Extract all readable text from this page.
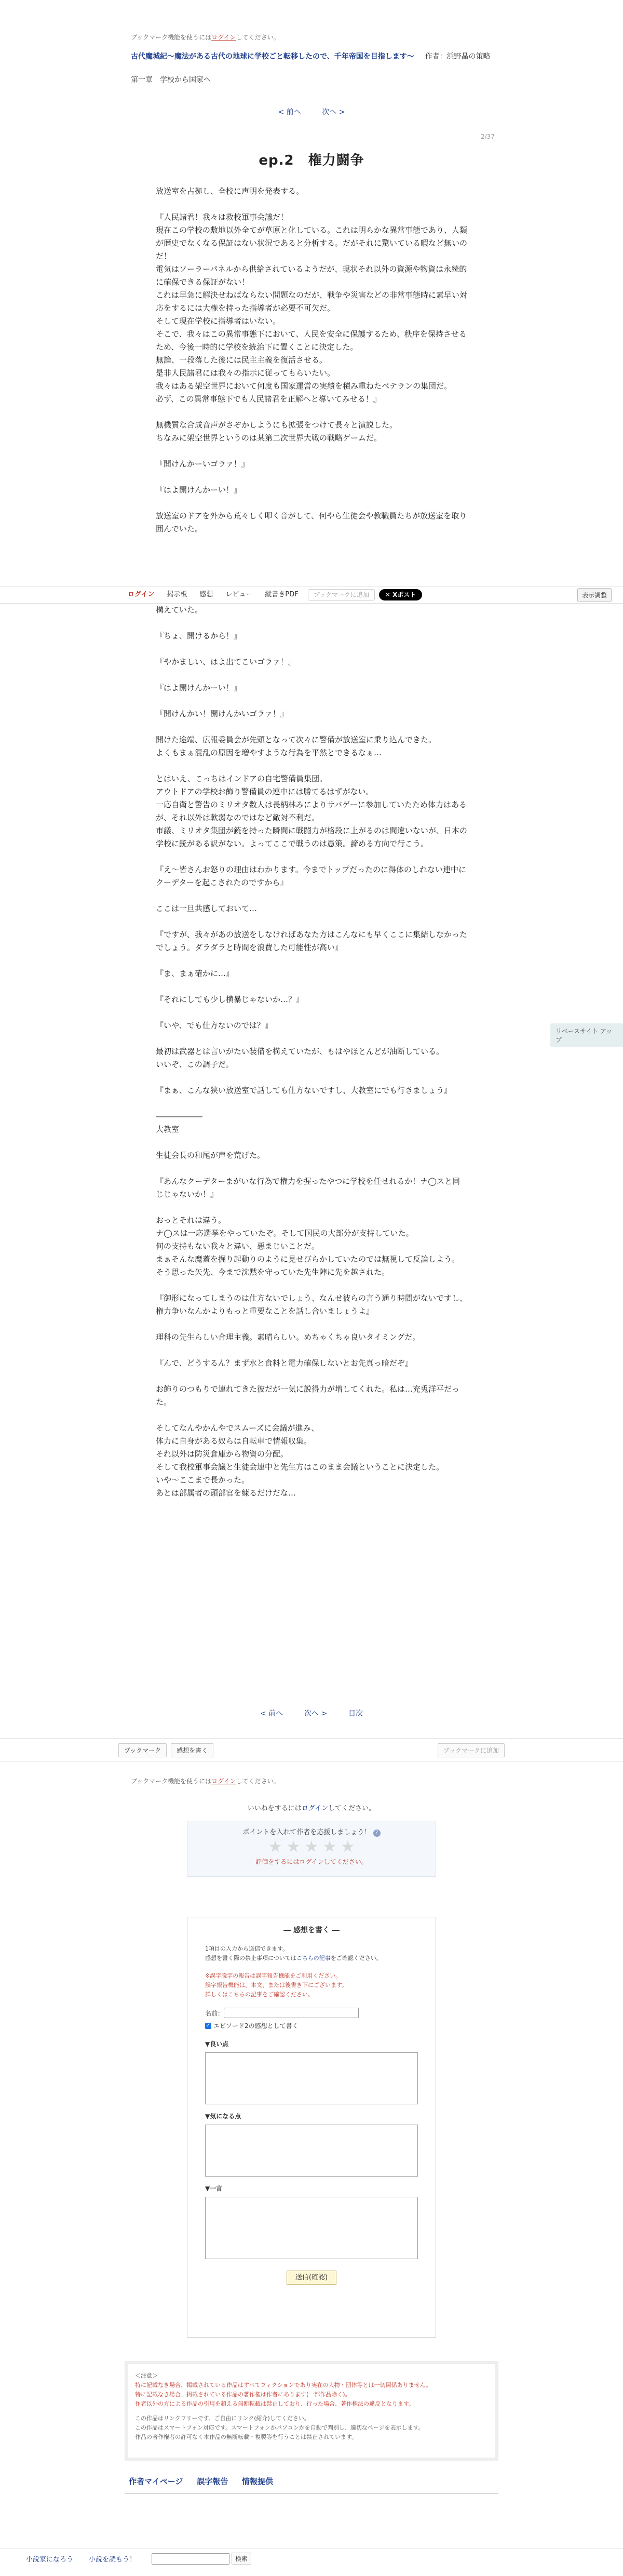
ブックマーク機能を使うにはログインしてください。
古代魔城紀～魔法がある古代の地球に学校ごと転移したので、千年帝国を目指します～ 作者：浜野晶の策略
第一章　学校から国家へ
< 前へ	次へ >
2/37
ep.2　権力闘争
放送室を占拠し、全校に声明を発表する。

『人民諸君！我々は救校軍事会議だ！
現在この学校の敷地以外全てが草原と化している。これは明らかな異常事態であり、人類が歴史でなくなる保証はない状況であると分析する。だがそれに驚いている暇など無いのだ！
電気はソーラーパネルから供給されているようだが、現状それ以外の資源や物資は永続的に確保できる保証がない！
これは早急に解決せねばならない問題なのだが、戦争や災害などの非常事態時に素早い対応をするには大権を持った指導者が必要不可欠だ。
そして現在学校に指導者はいない。
そこで、我々はこの異常事態下において、人民を安全に保護するため、秩序を保持させるため、今後一時的に学校を統治下に置くことに決定した。
無論、一段落した後には民主主義を復活させる。
是非人民諸君には我々の指示に従ってもらいたい。
我々はある架空世界において何度も国家運営の実績を積み重ねたベテランの集団だ。
必ず、この異常事態下でも人民諸君を正解へと導いてみせる！』

無機質な合成音声がさぞかしようにも拡張をつけて長々と演説した。
ちなみに架空世界というのは某第二次世界大戦の戦略ゲームだ。

『開けんかーいゴラァ！』

『はよ開けんかーい！』

放送室のドアを外から荒々しく叩く音がして、何やら生徒会や教職員たちが放送室を取り囲んでいた。
ログイン	掲示板	感想	レビュー	縦書きPDF	ブックマークに追加	✕ Xポスト	表示調整
構えていた。

『ちょ、開けるから！』

『やかましい、はよ出てこいゴラァ！』

『はよ開けんかーい！』

『開けんかい！開けんかいゴラァ！』

開けた途端、広報委員会が先頭となって次々に警備が放送室に乗り込んできた。
よくもまぁ混乱の原因を増やすような行為を平然とできるなぁ…

とはいえ、こっちはインドアの自宅警備員集団。
アウトドアの学校お飾り警備員の連中には勝てるはずがない。
一応自衛と警告のミリオタ数人は長柄林みによりサバゲーに参加していたため体力はあるが、それ以外は軟弱なのではなど敵対不利だ。
市議、ミリオタ集団が銃を持った瞬間に戦闘力が格段に上がるのは間違いないが、日本の学校に銃がある訳がない。よってここで戦うのは愚策。諦める方向で行こう。

『え～皆さんお怒りの理由はわかります。今までトップだったのに得体のしれない連中にクーデターを起こされたのですから』

ここは一旦共感しておいて…

『ですが、我々があの放送をしなければあなた方はこんなにも早くここに集結しなかったでしょう。ダラダラと時間を浪費した可能性が高い』

『ま、まぁ確かに…』

『それにしても少し横暴じゃないか…？』

『いや、でも仕方ないのでは？』

最初は武器とは言いがたい装備を構えていたが、もはやほとんどが油断している。
いいぞ、この調子だ。

『まぁ、こんな狭い放送室で話しても仕方ないですし、大教室にでも行きましょう』

――――――
大教室

生徒会長の和尾が声を荒げた。

『あんなクーデターまがいな行為で権力を握ったやつに学校を任せれるか！ナ◯スと同じじゃないか！』

おっとそれは違う。
ナ◯スは一応選挙をやっていたぞ。そして国民の大部分が支持していた。
何の支持もない我々と違い、悪まじいことだ。
まぁそんな魔蓋を掘り起動りのように見せびらかしていたのでは無視して反論しよう。
そう思った矢先、今まで沈黙を守っていた先生陣に先を越された。

『御形になってしまうのは仕方ないでしょう、なんせ彼らの言う通り時間がないですし、権力争いなんかよりもっと重要なことを話し合いましょうよ』

理科の先生らしい合理主義。素晴らしい。めちゃくちゃ良いタイミングだ。

『んで、どうするん？まず水と食料と電力確保しないとお先真っ暗だぞ』

お飾りのつもりで連れてきた彼だが一気に説得力が増してくれた。私は…充兎洋平だった。

そしてなんやかんやでスムーズに会議が進み、
体力に自身がある奴らは自転車で情報収集。
それ以外は防災倉庫から物資の分配。
そして我校軍事会議と生徒会連中と先生方はこのまま会議ということに決定した。
いや～ここまで長かった。
あとは部属者の頭部官を練るだけだな…
リベースサイト アップ
< 前へ	次へ >	目次
ブックマーク	感想を書く	ブックマークに追加
ブックマーク機能を使うにはログインしてください。
いいねをするにはログインしてください。
ポイントを入れて作者を応援しましょう！ ?
★ ★ ★ ★ ★
評価をするにはログインしてください。
― 感想を書く ―
1項目の入力から送信できます。
感想を書く際の禁止事項についてはこちらの記事をご確認ください。
※誤字脱字の報告は誤字報告機能をご利用ください。
誤字報告機能は、本文、または後書き下にございます。
詳しくはこちらの記事をご確認ください。
名前：
✓ エピソード2の感想として書く
▼良い点
▼気になる点
▼一言
送信(確認)
＜注意＞
特に記載なき場合、掲載されている作品はすべてフィクションであり実在の人物・団体等とは一切関係ありません。
特に記載なき場合、掲載されている作品の著作権は作者にあります(一部作品除く)。
作者以外の方による作品の引用を超える無断転載は禁止しており、行った場合、著作権法の違反となります。
この作品はリンクフリーです。ご自由にリンク(紹介)してください。
この作品はスマートフォン対応です。スマートフォンかパソコンかを自動で判別し、適切なページを表示します。
作品の著作権者の許可なく本作品の無断転載・複製等を行うことは禁止されています。
作者マイページ 誤字報告 情報提供
小説家になろう 小説を読もう！	検索
